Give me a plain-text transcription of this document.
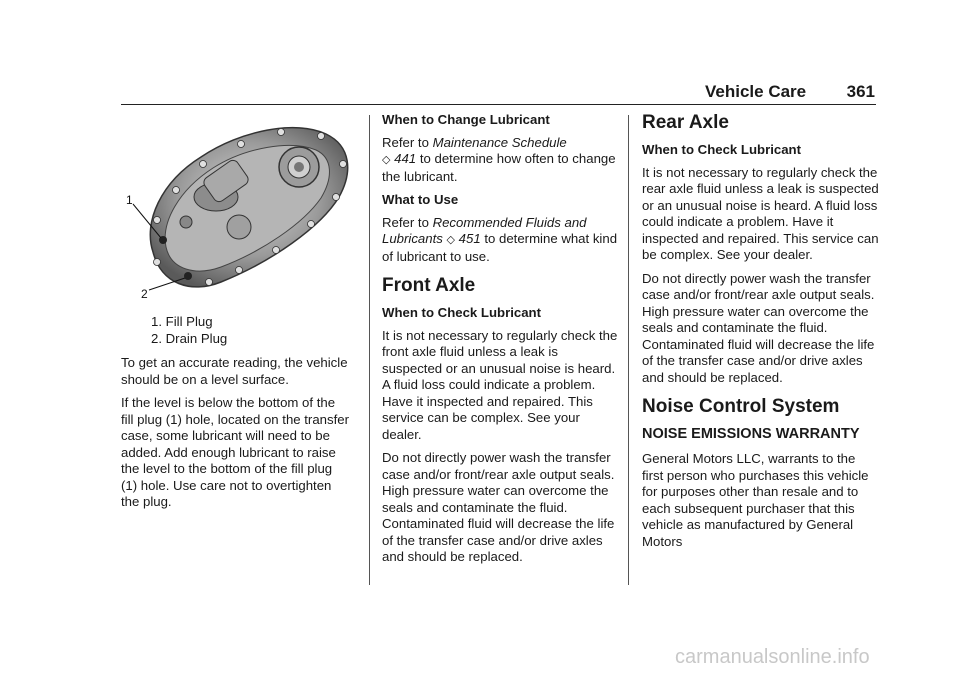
Vehicle Care 361
1
2
1. Fill Plug
2. Drain Plug

To get an accurate reading, the vehicle should be on a level surface.

If the level is below the bottom of the fill plug (1) hole, located on the transfer case, some lubricant will need to be added. Add enough lubricant to raise the level to the bottom of the fill plug (1) hole. Use care not to overtighten the plug.

When to Change Lubricant

Refer to Maintenance Schedule
◇ 441 to determine how often to change the lubricant.

What to Use

Refer to Recommended Fluids and Lubricants ◇ 451 to determine what kind of lubricant to use.

Front Axle
When to Check Lubricant

It is not necessary to regularly check the front axle fluid unless a leak is suspected or an unusual noise is heard. A fluid loss could indicate a problem. Have it inspected and repaired. This service can be complex. See your dealer.

Do not directly power wash the transfer case and/or front/rear axle output seals. High pressure water can overcome the seals and contaminate the fluid. Contaminated fluid will decrease the life of the transfer case and/or drive axles and should be replaced.

Rear Axle
When to Check Lubricant

It is not necessary to regularly check the rear axle fluid unless a leak is suspected or an unusual noise is heard. A fluid loss could indicate a problem. Have it inspected and repaired. This service can be complex. See your dealer.

Do not directly power wash the transfer case and/or front/rear axle output seals. High pressure water can overcome the seals and contaminate the fluid. Contaminated fluid will decrease the life of the transfer case and/or drive axles and should be replaced.

Noise Control System
NOISE EMISSIONS WARRANTY

General Motors LLC, warrants to the first person who purchases this vehicle for purposes other than resale and to each subsequent purchaser that this vehicle as manufactured by General Motors

carmanualsonline.info
